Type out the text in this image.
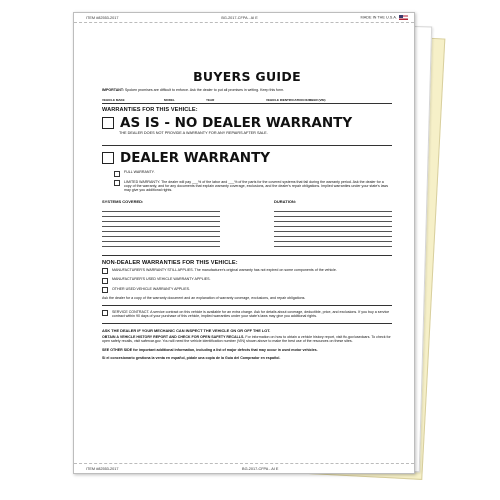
ITEM #82553-2017	BG-2017-CFPA - AI E	MADE IN THE U.S.A.
BUYERS GUIDE
IMPORTANT: Spoken promises are difficult to enforce. Ask the dealer to put all promises in writing. Keep this form.
VEHICLE MAKE	MODEL	YEAR	VEHICLE IDENTIFICATION NUMBER (VIN)
WARRANTIES FOR THIS VEHICLE:
AS IS - NO DEALER WARRANTY
THE DEALER DOES NOT PROVIDE A WARRANTY FOR ANY REPAIRS AFTER SALE.
DEALER WARRANTY
FULL WARRANTY.
LIMITED WARRANTY. The dealer will pay ___% of the labor and ___% of the parts for the covered systems that fail during the warranty period. Ask the dealer for a copy of the warranty, and for any documents that explain warranty coverage, exclusions, and the dealer's repair obligations. Implied warranties under your state's laws may give you additional rights.
SYSTEMS COVERED:	DURATION:
NON-DEALER WARRANTIES FOR THIS VEHICLE:
MANUFACTURER'S WARRANTY STILL APPLIES. The manufacturer's original warranty has not expired on some components of the vehicle.
MANUFACTURER'S USED VEHICLE WARRANTY APPLIES.
OTHER USED VEHICLE WARRANTY APPLIES.
Ask the dealer for a copy of the warranty document and an explanation of warranty coverage, exclusions, and repair obligations.
SERVICE CONTRACT. A service contract on this vehicle is available for an extra charge. Ask for details about coverage, deductible, price, and exclusions. If you buy a service contract within 90 days of your purchase of this vehicle, implied warranties under your state's laws may give you additional rights.
ASK THE DEALER IF YOUR MECHANIC CAN INSPECT THE VEHICLE ON OR OFF THE LOT.
OBTAIN A VEHICLE HISTORY REPORT AND CHECK FOR OPEN SAFETY RECALLS. For information on how to obtain a vehicle history report, visit ftc.gov/usedcars. To check for open safety recalls, visit safercar.gov. You will need the vehicle identification number (VIN) shown above to make the best use of the resources on these sites.
SEE OTHER SIDE for important additional information, including a list of major defects that may occur in used motor vehicles.
Si el concesionario gestiona la venta en español, pídale una copia de la Guía del Comprador en español.
ITEM #82553-2017	BG-2017-CFPA - AI E
